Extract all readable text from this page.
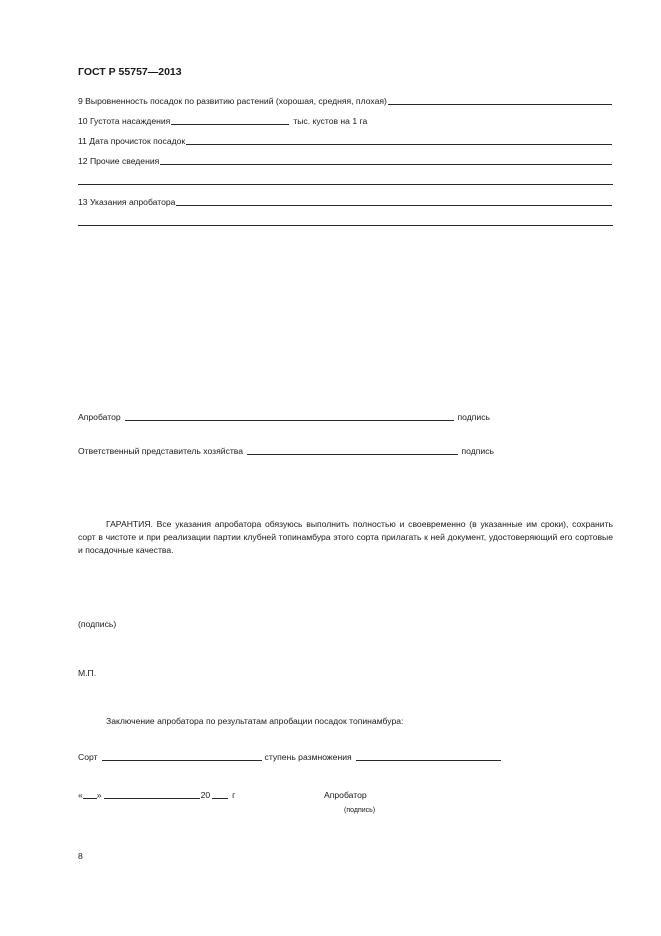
ГОСТ Р 55757—2013
9 Выровненность посадок по развитию растений (хорошая, средняя, плохая)
10 Густота насаждения	тыс. кустов на 1 га
11 Дата прочисток посадок
12 Прочие сведения
13 Указания апробатора
Апробатор	подпись
Ответственный представитель хозяйства	подпись
ГАРАНТИЯ. Все указания апробатора обязуюсь выполнить полностью и своевременно (в указанные им сроки), сохранить сорт в чистоте и при реализации партии клубней топинамбура этого сорта прилагать к ней документ, удостоверяющий его сортовые и посадочные качества.
(подпись)
М.П.
Заключение апробатора по результатам апробации посадок топинамбура:
Сорт	ступень размножения
« »	20	г	Апробатор
(подпись)
8
